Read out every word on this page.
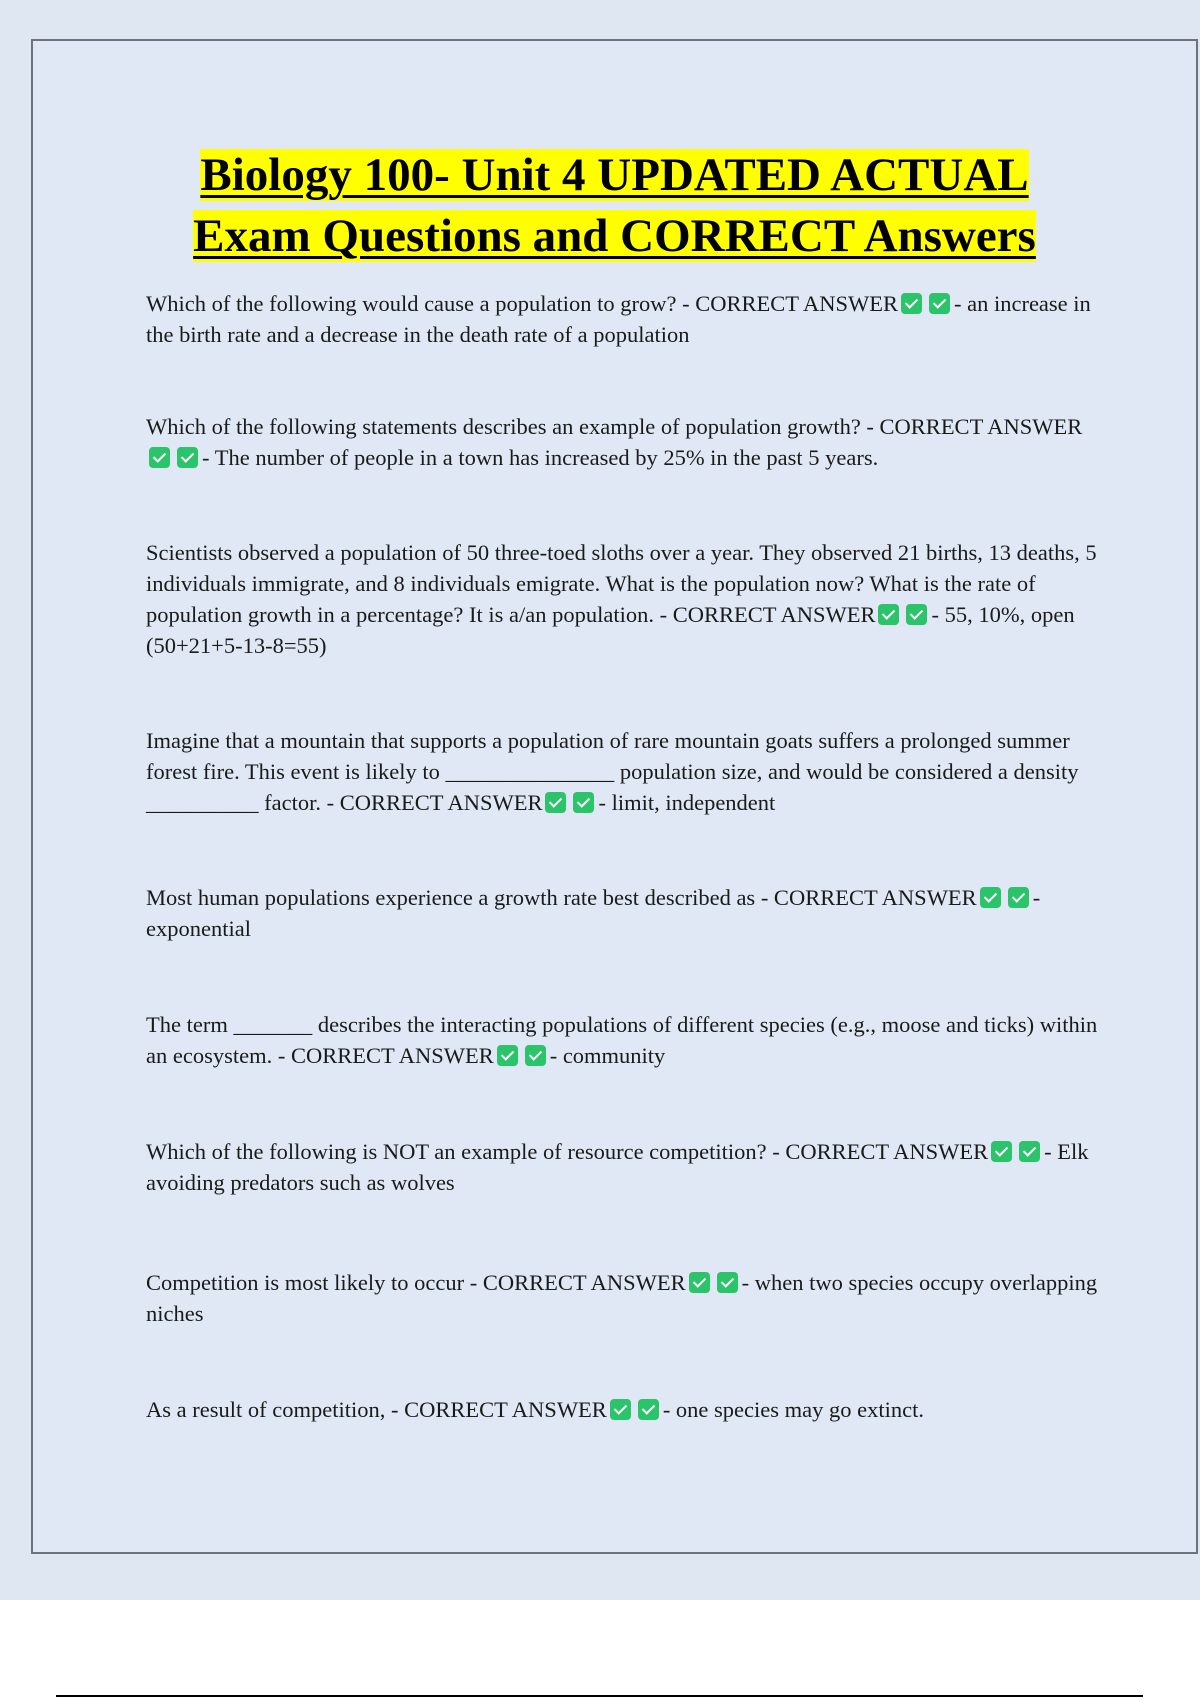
Biology 100- Unit 4 UPDATED ACTUAL
Exam Questions and CORRECT Answers

Which of the following would cause a population to grow? - CORRECT ANSWER - an increase in the birth rate and a decrease in the death rate of a population

Which of the following statements describes an example of population growth? - CORRECT ANSWER- The number of people in a town has increased by 25% in the past 5 years.

Scientists observed a population of 50 three-toed sloths over a year. They observed 21 births, 13 deaths, 5 individuals immigrate, and 8 individuals emigrate. What is the population now? What is the rate of population growth in a percentage? It is a/an population. - CORRECT ANSWER - 55, 10%, open (50+21+5-13-8=55)

Imagine that a mountain that supports a population of rare mountain goats suffers a prolonged summer forest fire. This event is likely to _______________ population size, and would be considered a density __________ factor. - CORRECT ANSWER - limit, independent

Most human populations experience a growth rate best described as - CORRECT ANSWER - exponential

The term _______ describes the interacting populations of different species (e.g., moose and ticks) within an ecosystem. - CORRECT ANSWER - community

Which of the following is NOT an example of resource competition? - CORRECT ANSWER - Elk avoiding predators such as wolves

Competition is most likely to occur - CORRECT ANSWER - when two species occupy overlapping niches

As a result of competition, - CORRECT ANSWER - one species may go extinct.
